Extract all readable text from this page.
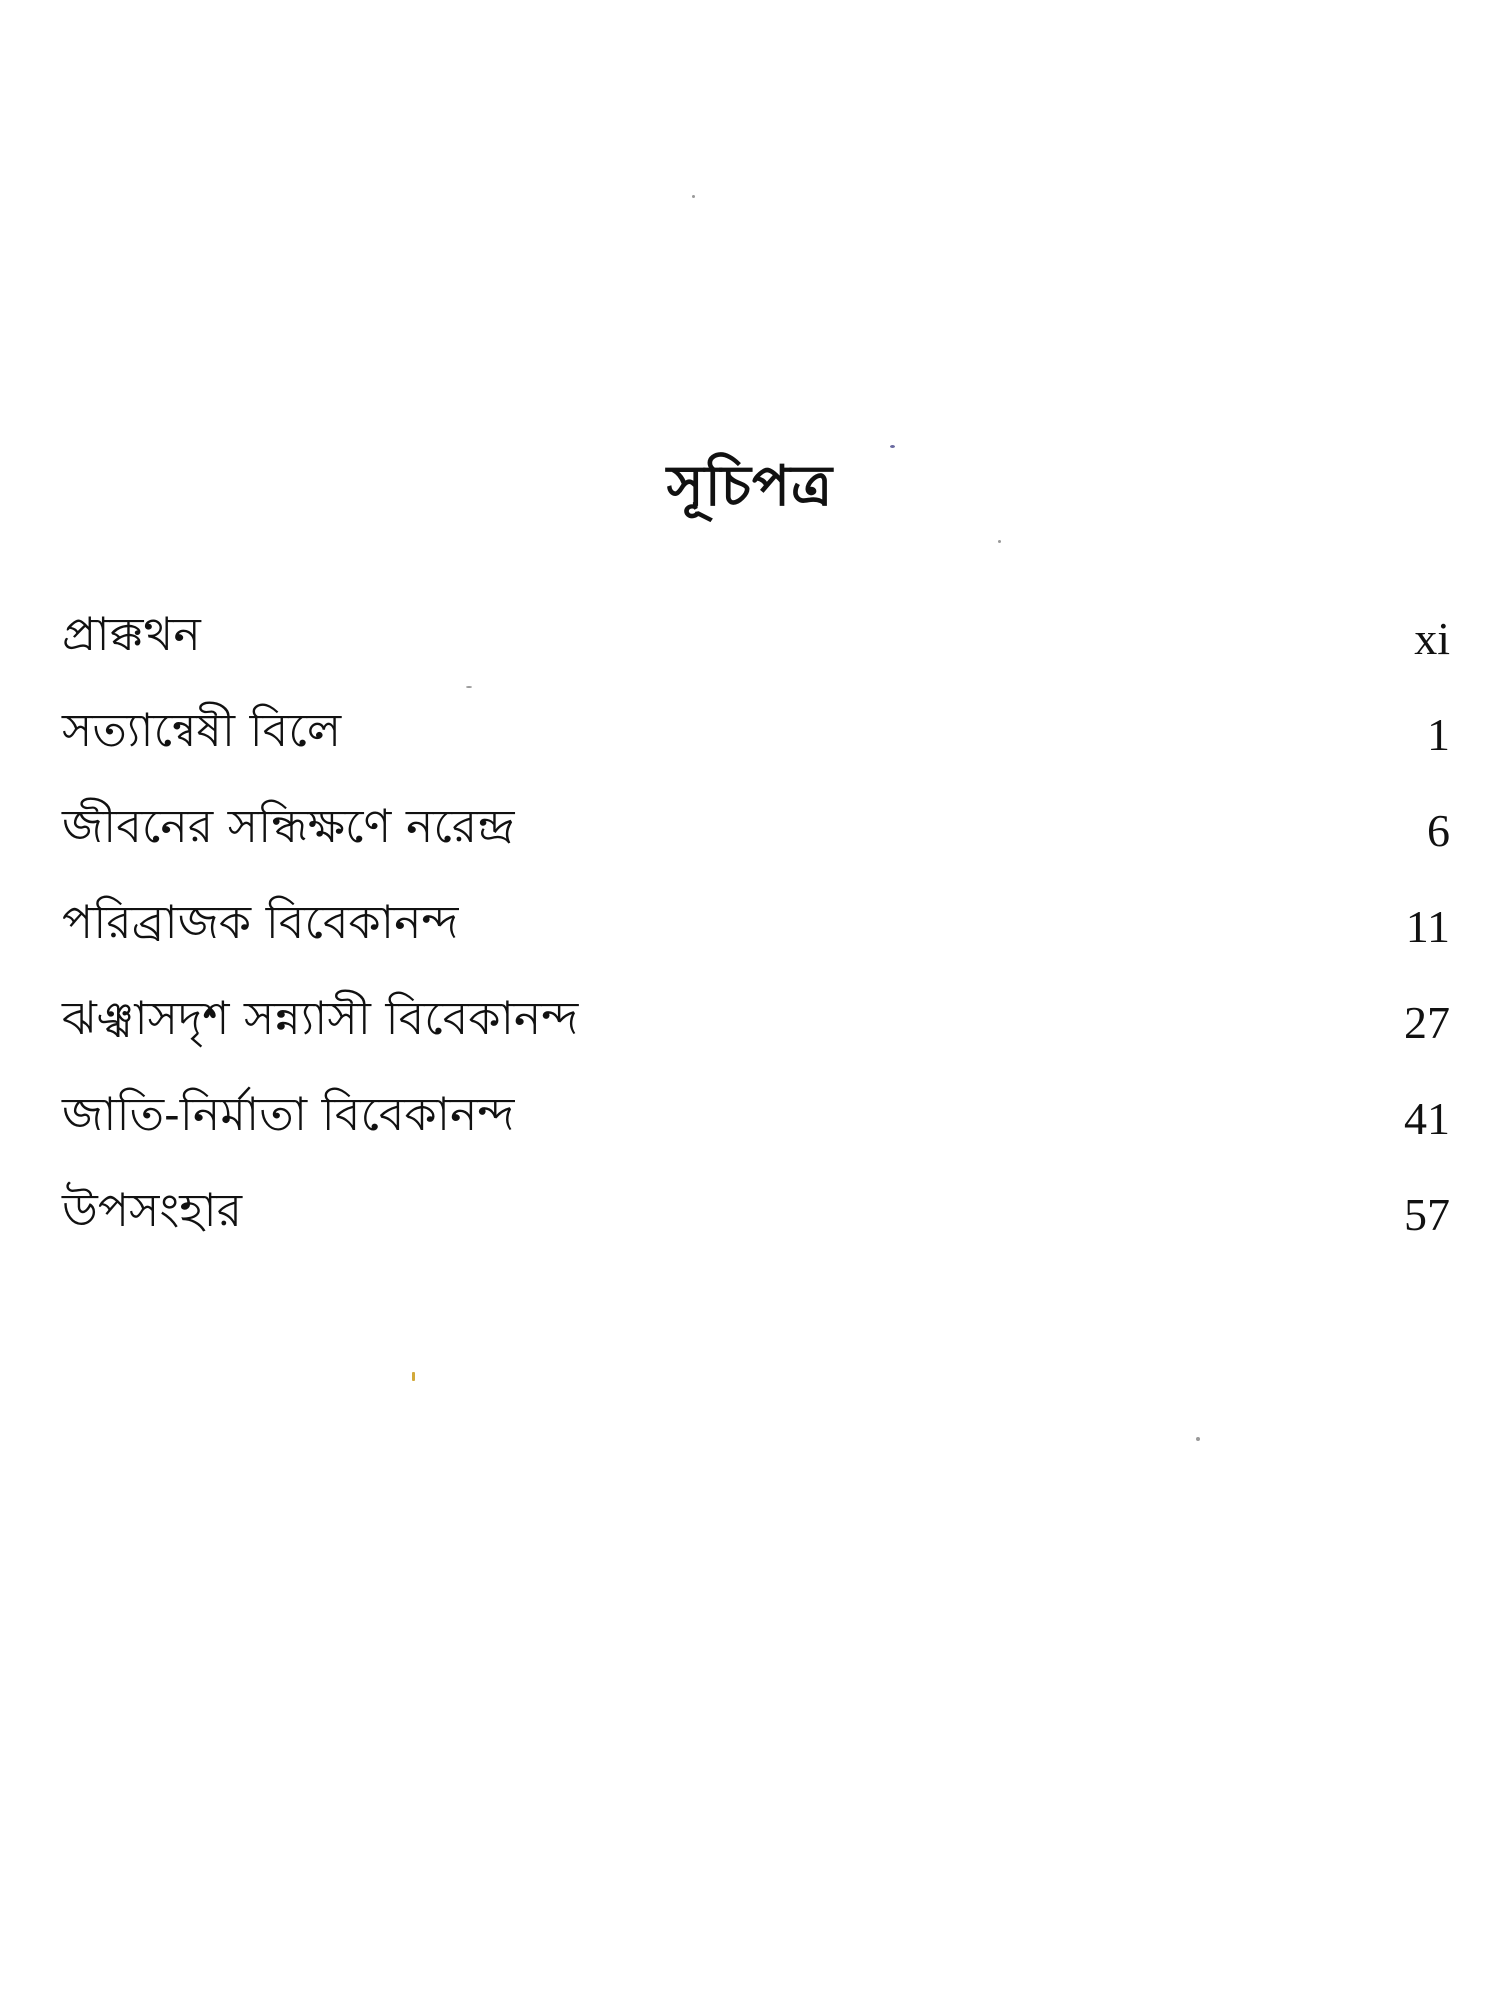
সূচিপত্র
প্রাক্কথন	xi
সত্যান্বেষী বিলে	1
জীবনের সন্ধিক্ষণে নরেন্দ্র	6
পরিব্রাজক বিবেকানন্দ	11
ঝঞ্ঝাসদৃশ সন্ন্যাসী বিবেকানন্দ	27
জাতি-নির্মাতা বিবেকানন্দ	41
উপসংহার	57
